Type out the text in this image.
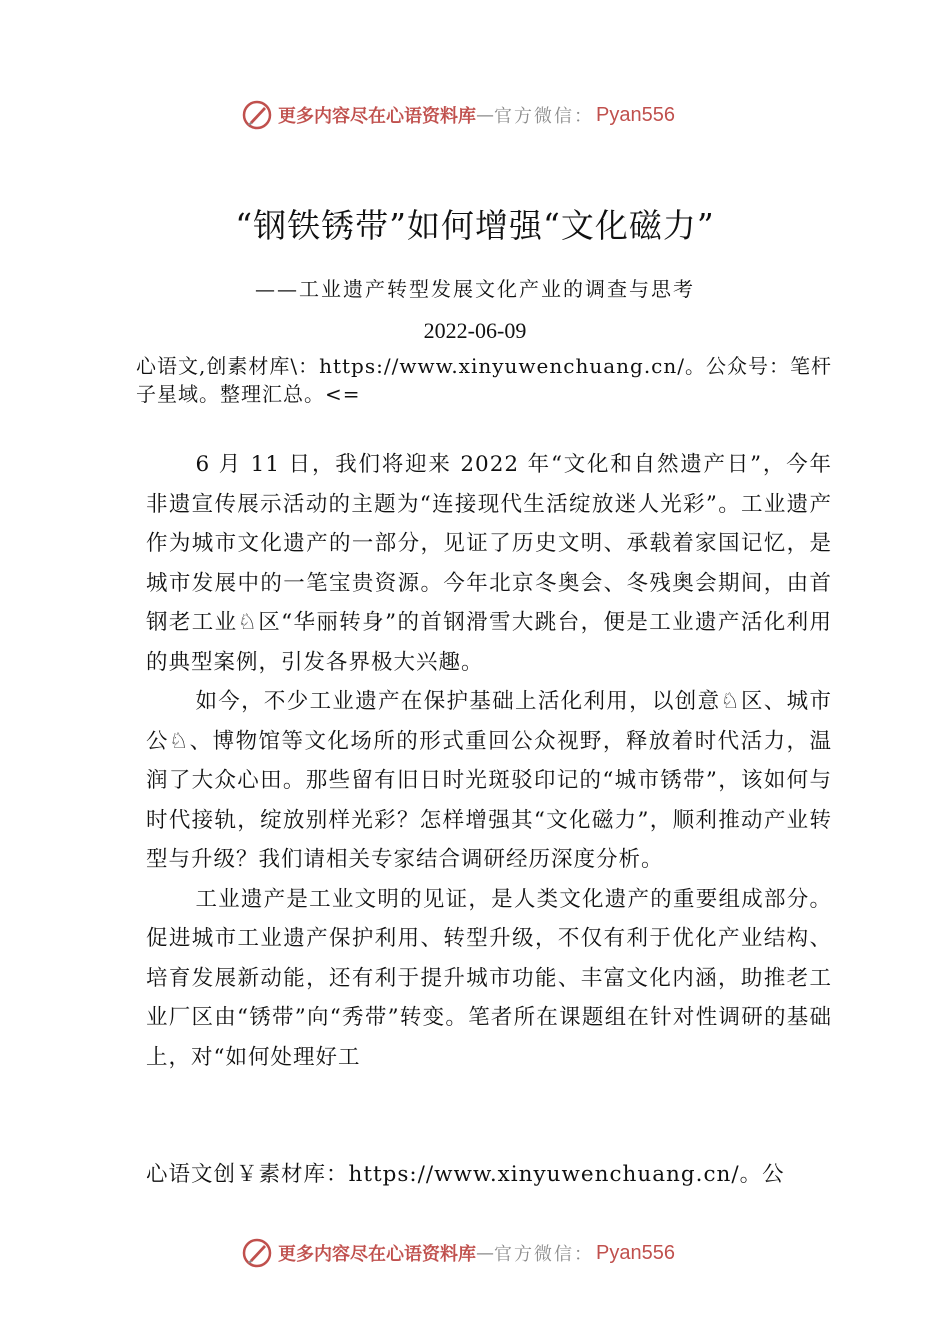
更多内容尽在心语资料库 — 官方微信： Pyan556
“钢铁锈带”如何增强“文化磁力”
——工业遗产转型发展文化产业的调查与思考
2022-06-09
心语文,创素材库\：https://www.xinyuwenchuang.cn/。公众号：笔杆子星域。整理汇总。<=

6 月 11 日，我们将迎来 2022 年“文化和自然遗产日”，今年非遗宣传展示活动的主题为“连接现代生活绽放迷人光彩”。工业遗产作为城市文化遗产的一部分，见证了历史文明、承载着家国记忆，是城市发展中的一笔宝贵资源。今年北京冬奥会、冬残奥会期间，由首钢老工业♘区“华丽转身”的首钢滑雪大跳台，便是工业遗产活化利用的典型案例，引发各界极大兴趣。

如今，不少工业遗产在保护基础上活化利用，以创意♘区、城市公♘、博物馆等文化场所的形式重回公众视野，释放着时代活力，温润了大众心田。那些留有旧日时光斑驳印记的“城市锈带”，该如何与时代接轨，绽放别样光彩？怎样增强其“文化磁力”，顺利推动产业转型与升级？我们请相关专家结合调研经历深度分析。

工业遗产是工业文明的见证，是人类文化遗产的重要组成部分。促进城市工业遗产保护利用、转型升级，不仅有利于优化产业结构、培育发展新动能，还有利于提升城市功能、丰富文化内涵，助推老工业厂区由“锈带”向“秀带”转变。笔者所在课题组在针对性调研的基础上，对“如何处理好工

心语文创￥素材库：https://www.xinyuwenchuang.cn/。公
更多内容尽在心语资料库 — 官方微信： Pyan556
